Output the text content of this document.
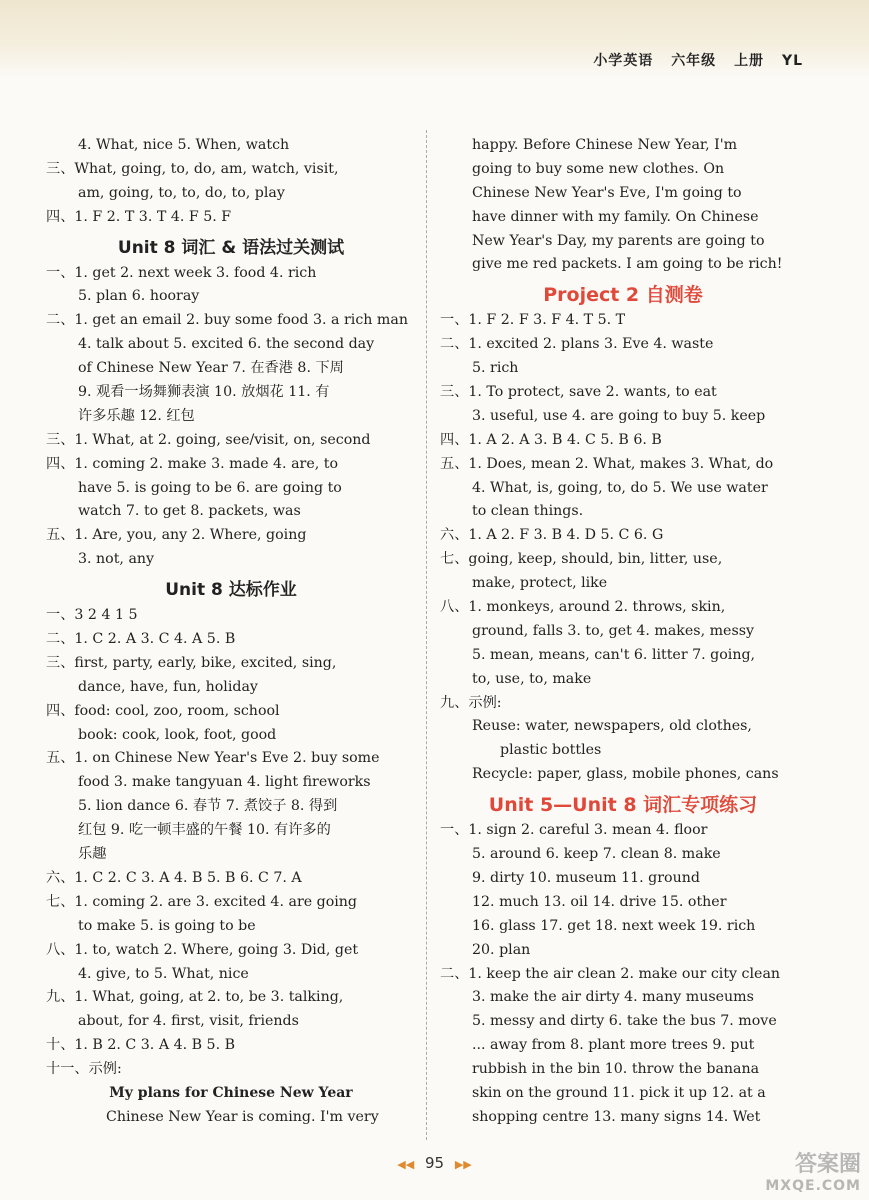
小学英语 六年级 上册 YL
4. What, nice 5. When, watch
三、What, going, to, do, am, watch, visit,
am, going, to, to, do, to, play
四、1. F 2. T 3. T 4. F 5. F
Unit 8 词汇 & 语法过关测试
一、1. get 2. next week 3. food 4. rich
5. plan 6. hooray
二、1. get an email 2. buy some food 3. a rich man
4. talk about 5. excited 6. the second day
of Chinese New Year 7. 在香港 8. 下周
9. 观看一场舞狮表演 10. 放烟花 11. 有
许多乐趣 12. 红包
三、1. What, at 2. going, see/visit, on, second
四、1. coming 2. make 3. made 4. are, to
have 5. is going to be 6. are going to
watch 7. to get 8. packets, was
五、1. Are, you, any 2. Where, going
3. not, any
Unit 8 达标作业
一、3 2 4 1 5
二、1. C 2. A 3. C 4. A 5. B
三、first, party, early, bike, excited, sing,
dance, have, fun, holiday
四、food: cool, zoo, room, school
book: cook, look, foot, good
五、1. on Chinese New Year's Eve 2. buy some
food 3. make tangyuan 4. light fireworks
5. lion dance 6. 春节 7. 煮饺子 8. 得到
红包 9. 吃一顿丰盛的午餐 10. 有许多的
乐趣
六、1. C 2. C 3. A 4. B 5. B 6. C 7. A
七、1. coming 2. are 3. excited 4. are going
to make 5. is going to be
八、1. to, watch 2. Where, going 3. Did, get
4. give, to 5. What, nice
九、1. What, going, at 2. to, be 3. talking,
about, for 4. first, visit, friends
十、1. B 2. C 3. A 4. B 5. B
十一、示例:
My plans for Chinese New Year
Chinese New Year is coming. I'm very
happy. Before Chinese New Year, I'm
going to buy some new clothes. On
Chinese New Year's Eve, I'm going to
have dinner with my family. On Chinese
New Year's Day, my parents are going to
give me red packets. I am going to be rich!
Project 2 自测卷
一、1. F 2. F 3. F 4. T 5. T
二、1. excited 2. plans 3. Eve 4. waste
5. rich
三、1. To protect, save 2. wants, to eat
3. useful, use 4. are going to buy 5. keep
四、1. A 2. A 3. B 4. C 5. B 6. B
五、1. Does, mean 2. What, makes 3. What, do
4. What, is, going, to, do 5. We use water
to clean things.
六、1. A 2. F 3. B 4. D 5. C 6. G
七、going, keep, should, bin, litter, use,
make, protect, like
八、1. monkeys, around 2. throws, skin,
ground, falls 3. to, get 4. makes, messy
5. mean, means, can't 6. litter 7. going,
to, use, to, make
九、示例:
Reuse: water, newspapers, old clothes,
plastic bottles
Recycle: paper, glass, mobile phones, cans
Unit 5—Unit 8 词汇专项练习
一、1. sign 2. careful 3. mean 4. floor
5. around 6. keep 7. clean 8. make
9. dirty 10. museum 11. ground
12. much 13. oil 14. drive 15. other
16. glass 17. get 18. next week 19. rich
20. plan
二、1. keep the air clean 2. make our city clean
3. make the air dirty 4. many museums
5. messy and dirty 6. take the bus 7. move
... away from 8. plant more trees 9. put
rubbish in the bin 10. throw the banana
skin on the ground 11. pick it up 12. at a
shopping centre 13. many signs 14. Wet
◀◀ 95 ▶▶	答案圈
MXQE.COM
